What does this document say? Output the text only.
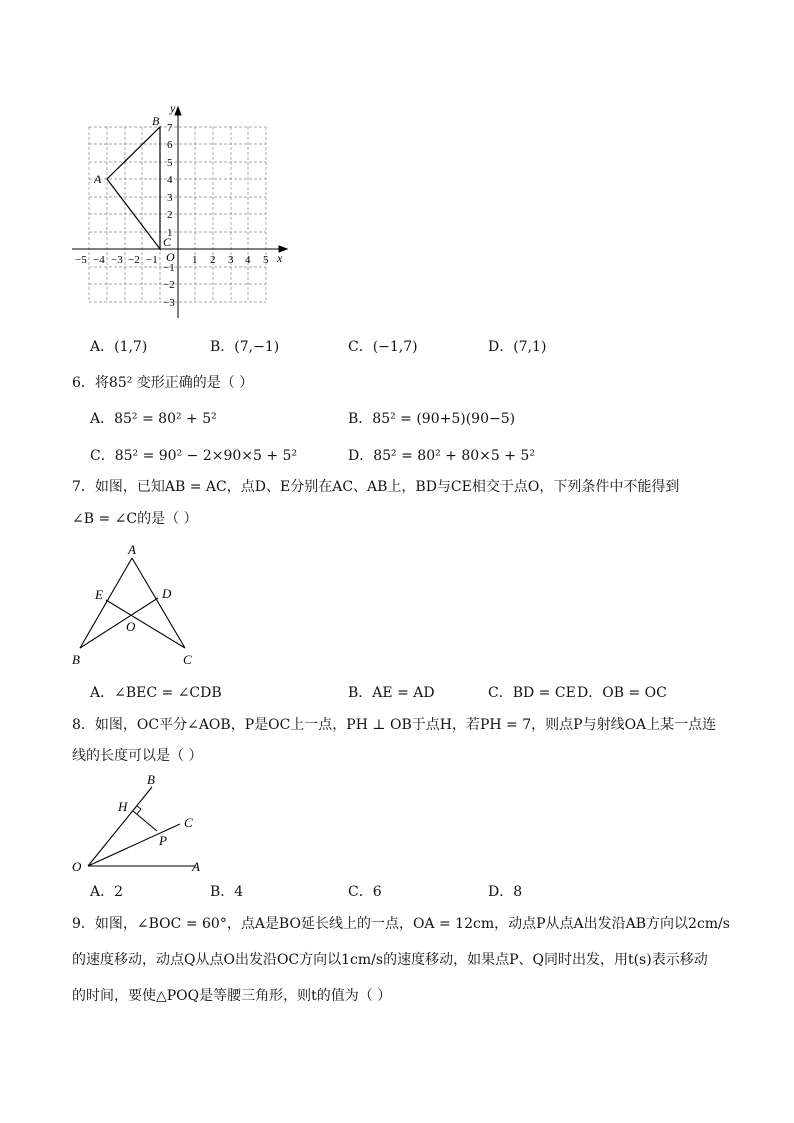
−5 −4 −3 −2 −1	1 2 3 4 5
7
6
5
4
3
2
1
−1
−2
−3
B
A
C
O	x
y
A．(1,7)	B．(7,−1)	C．(−1,7)	D．(7,1)
6．将85² 变形正确的是（ ）
A．85² = 80² + 5²	B．85² = (90+5)(90−5)
C．85² = 90² − 2×90×5 + 5²	D．85² = 80² + 80×5 + 5²
7．如图，已知AB = AC，点D、E分别在AC、AB上，BD与CE相交于点O，下列条件中不能得到
∠B = ∠C的是（ ）
A
E	D
O
B	C
A．∠BEC = ∠CDB	B．AE = AD	C．BD = CE D．OB = OC
8．如图，OC平分∠AOB，P是OC上一点，PH ⊥ OB于点H，若PH = 7，则点P与射线OA上某一点连
线的长度可以是（ ）
B
H
C
P
O	A
A．2	B．4	C．6	D．8
9．如图，∠BOC = 60°，点A是BO延长线上的一点，OA = 12cm，动点P从点A出发沿AB方向以2cm/s
的速度移动，动点Q从点O出发沿OC方向以1cm/s的速度移动，如果点P、Q同时出发，用t(s)表示移动
的时间，要使△POQ是等腰三角形，则t的值为（ ）
